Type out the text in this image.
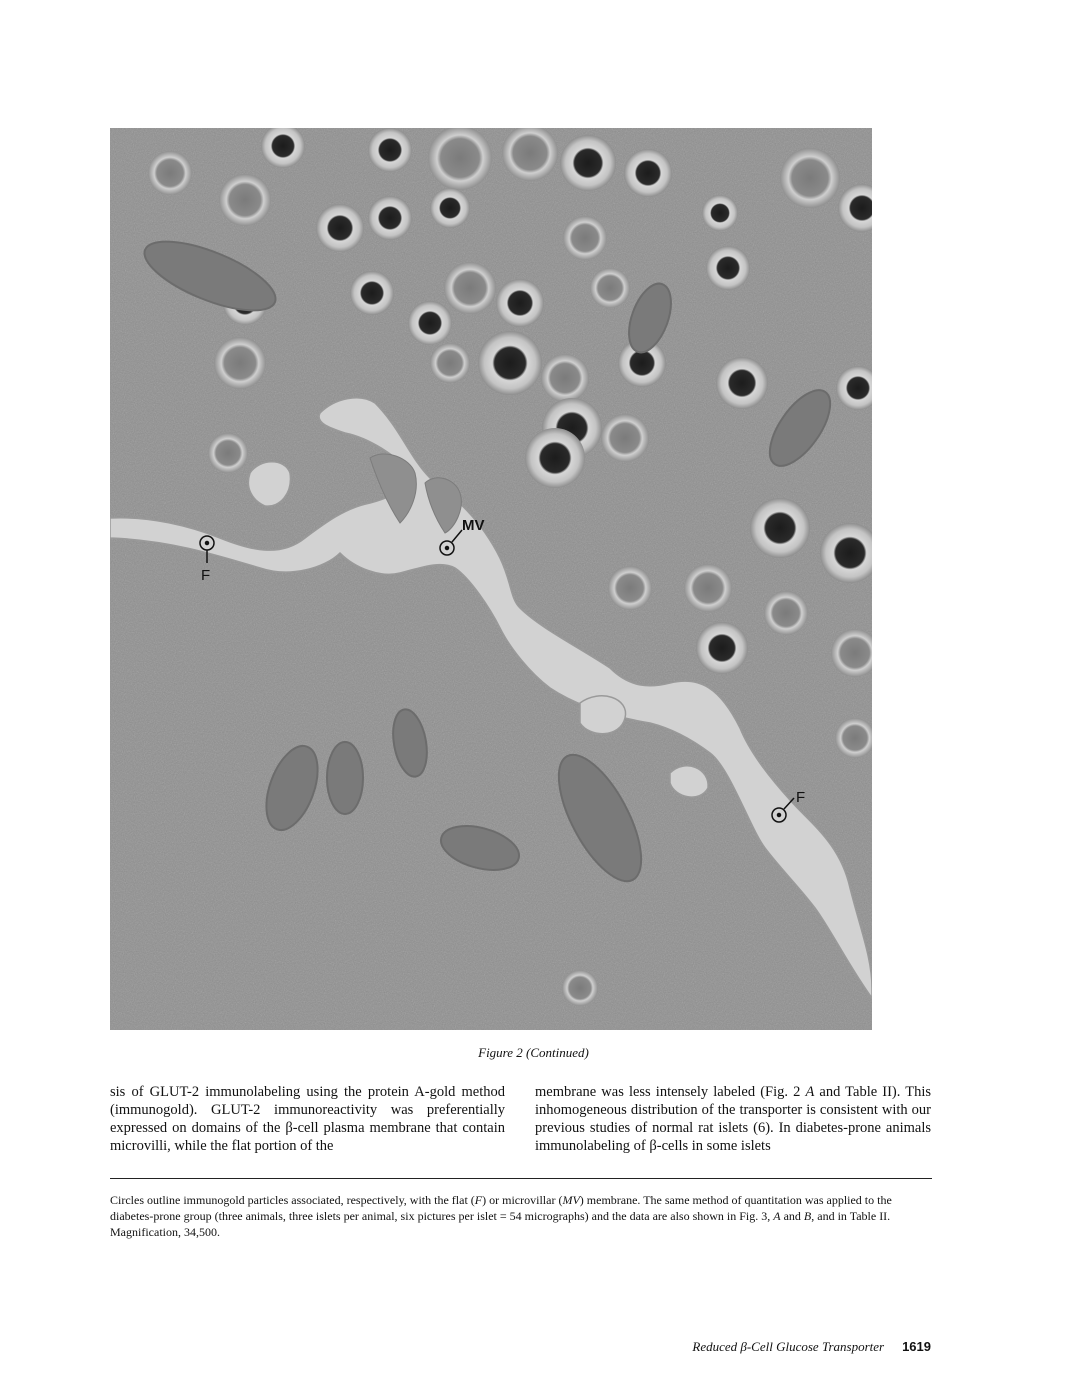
MV
F
F
Figure 2 (Continued)
sis of GLUT-2 immunolabeling using the protein A-gold method (immunogold). GLUT-2 immunoreactivity was preferentially expressed on domains of the β-cell plasma membrane that contain microvilli, while the flat portion of the
membrane was less intensely labeled (Fig. 2 A and Table II). This inhomogeneous distribution of the transporter is consistent with our previous studies of normal rat islets (6). In diabetes-prone animals immunolabeling of β-cells in some islets
Circles outline immunogold particles associated, respectively, with the flat (F) or microvillar (MV) membrane. The same method of quantitation was applied to the diabetes-prone group (three animals, three islets per animal, six pictures per islet = 54 micrographs) and the data are also shown in Fig. 3, A and B, and in Table II. Magnification, 34,500.
Reduced β-Cell Glucose Transporter 1619
